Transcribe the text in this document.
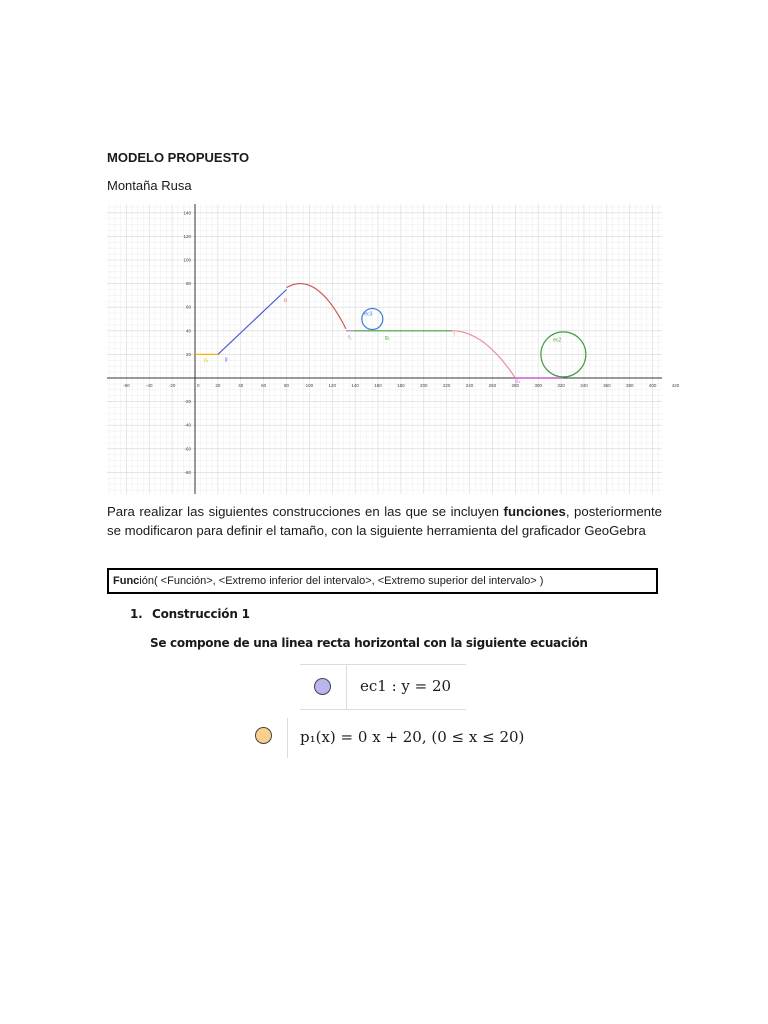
MODELO PROPUESTO
Montaña Rusa
-60	-40	-20	0	20	40	60	80	100	120	140	160	180	200	220	240	260	280	300	320	340	360	380	400	420
140
120
100
80
60
40
20
-20
-40
-60
-80
p₁	g
p
f₂	g₂	f
p₃
ec3
ec2
Para realizar las siguientes construcciones en las que se incluyen funciones, posteriormente se modificaron para definir el tamaño, con la siguiente herramienta del graficador GeoGebra
Función( <Función>, <Extremo inferior del intervalo>, <Extremo superior del intervalo> )
1. Construcción 1
Se compone de una linea recta horizontal con la siguiente ecuación
ec1 : y = 20
p₁(x) = 0 x + 20, (0 ≤ x ≤ 20)
